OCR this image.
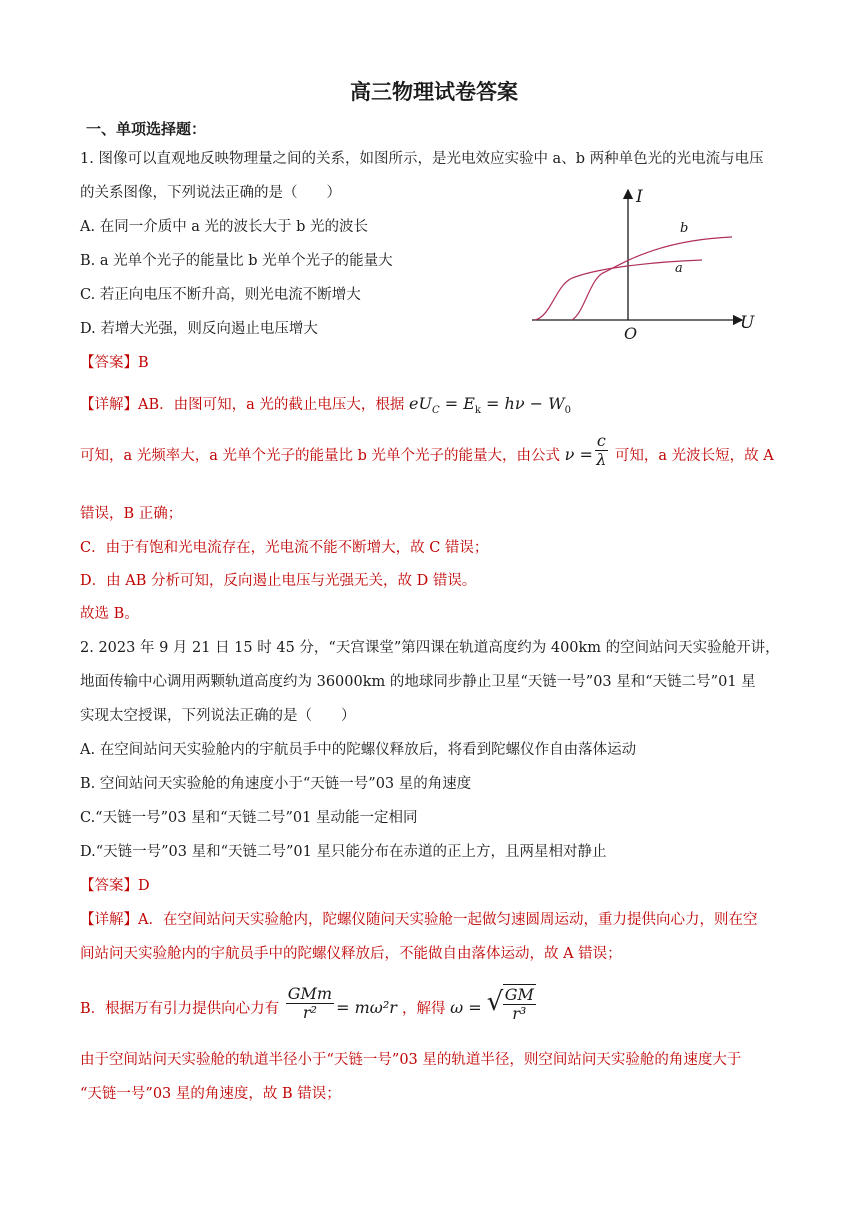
高三物理试卷答案
一、单项选择题：
1. 图像可以直观地反映物理量之间的关系，如图所示，是光电效应实验中 a、b 两种单色光的光电流与电压
的关系图像，下列说法正确的是（　　）
A. 在同一介质中 a 光的波长大于 b 光的波长
B. a 光单个光子的能量比 b 光单个光子的能量大
C. 若正向电压不断升高，则光电流不断增大
D. 若增大光强，则反向遏止电压增大
I
U
O
b
a
【答案】B
【详解】AB．由图可知，a 光的截止电压大，根据 $eU_C = E_k = h\nu - W_0$
可知，a 光频率大，a 光单个光子的能量比 b 光单个光子的能量大，由公式 $\nu = \frac{c}{\lambda}$ 可知，a 光波长短，故 A
错误，B 正确；
C．由于有饱和光电流存在，光电流不能不断增大，故 C 错误；
D．由 AB 分析可知，反向遏止电压与光强无关，故 D 错误。
故选 B。
2. 2023 年 9 月 21 日 15 时 45 分，“天宫课堂”第四课在轨道高度约为 400km 的空间站问天实验舱开讲，
地面传输中心调用两颗轨道高度约为 36000km 的地球同步静止卫星“天链一号”03 星和“天链二号”01 星
实现太空授课，下列说法正确的是（　　）
A. 在空间站问天实验舱内的宇航员手中的陀螺仪释放后，将看到陀螺仪作自由落体运动
B. 空间站问天实验舱的角速度小于“天链一号”03 星的角速度
C.“天链一号”03 星和“天链二号”01 星动能一定相同
D.“天链一号”03 星和“天链二号”01 星只能分布在赤道的正上方，且两星相对静止
【答案】D
【详解】A．在空间站问天实验舱内，陀螺仪随问天实验舱一起做匀速圆周运动，重力提供向心力，则在空
间站问天实验舱内的宇航员手中的陀螺仪释放后，不能做自由落体运动，故 A 错误；
B．根据万有引力提供向心力有 $\frac{\text{GMm}}{\text{r²}} = m\omega^2r$ ，解得 ω = √ $\frac{GM}{\text{r³}}$
由于空间站问天实验舱的轨道半径小于“天链一号”03 星的轨道半径，则空间站问天实验舱的角速度大于
“天链一号”03 星的角速度，故 B 错误；
